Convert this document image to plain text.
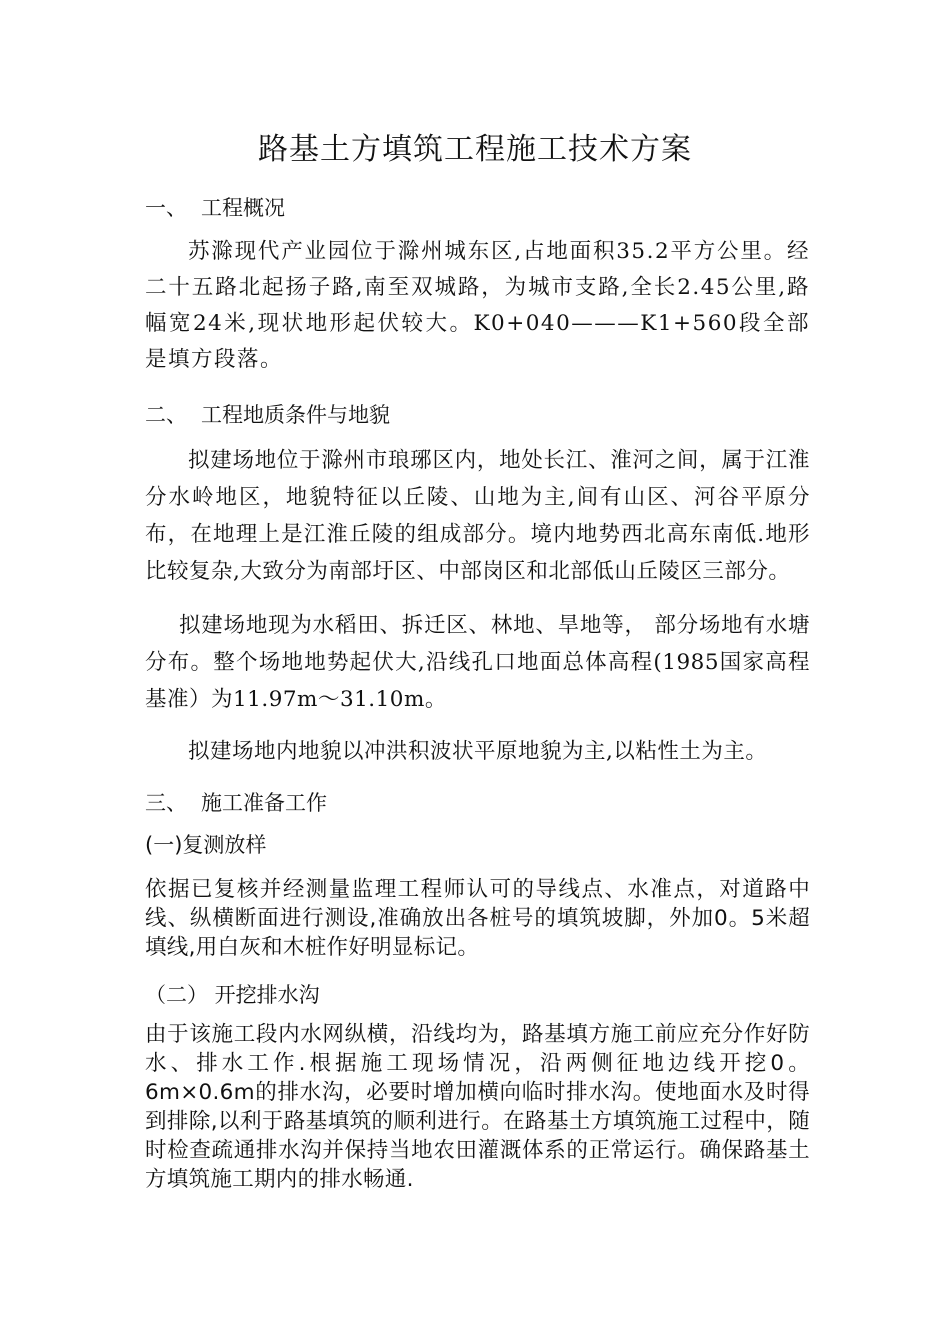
路基土方填筑工程施工技术方案
一、 工程概况
苏滁现代产业园位于滁州城东区,占地面积35.2平方公里。经二十五路北起扬子路,南至双城路，为城市支路,全长2.45公里,路幅宽24米,现状地形起伏较大。K0+040———K1+560段全部是填方段落。
二、 工程地质条件与地貌
拟建场地位于滁州市琅琊区内，地处长江、淮河之间，属于江淮分水岭地区，地貌特征以丘陵、山地为主,间有山区、河谷平原分布，在地理上是江淮丘陵的组成部分。境内地势西北高东南低.地形比较复杂,大致分为南部圩区、中部岗区和北部低山丘陵区三部分。
拟建场地现为水稻田、拆迁区、林地、旱地等， 部分场地有水塘分布。整个场地地势起伏大,沿线孔口地面总体高程(1985国家高程基准）为11.97m～31.10m。
拟建场地内地貌以冲洪积波状平原地貌为主,以粘性土为主。
三、 施工准备工作
(一)复测放样
依据已复核并经测量监理工程师认可的导线点、水准点，对道路中线、纵横断面进行测设,准确放出各桩号的填筑坡脚，外加0。5米超填线,用白灰和木桩作好明显标记。
（二） 开挖排水沟
由于该施工段内水网纵横，沿线均为，路基填方施工前应充分作好防水、排水工作.根据施工现场情况，沿两侧征地边线开挖0。6m×0.6m的排水沟，必要时增加横向临时排水沟。使地面水及时得到排除,以利于路基填筑的顺利进行。在路基土方填筑施工过程中，随时检查疏通排水沟并保持当地农田灌溉体系的正常运行。确保路基土方填筑施工期内的排水畅通.
